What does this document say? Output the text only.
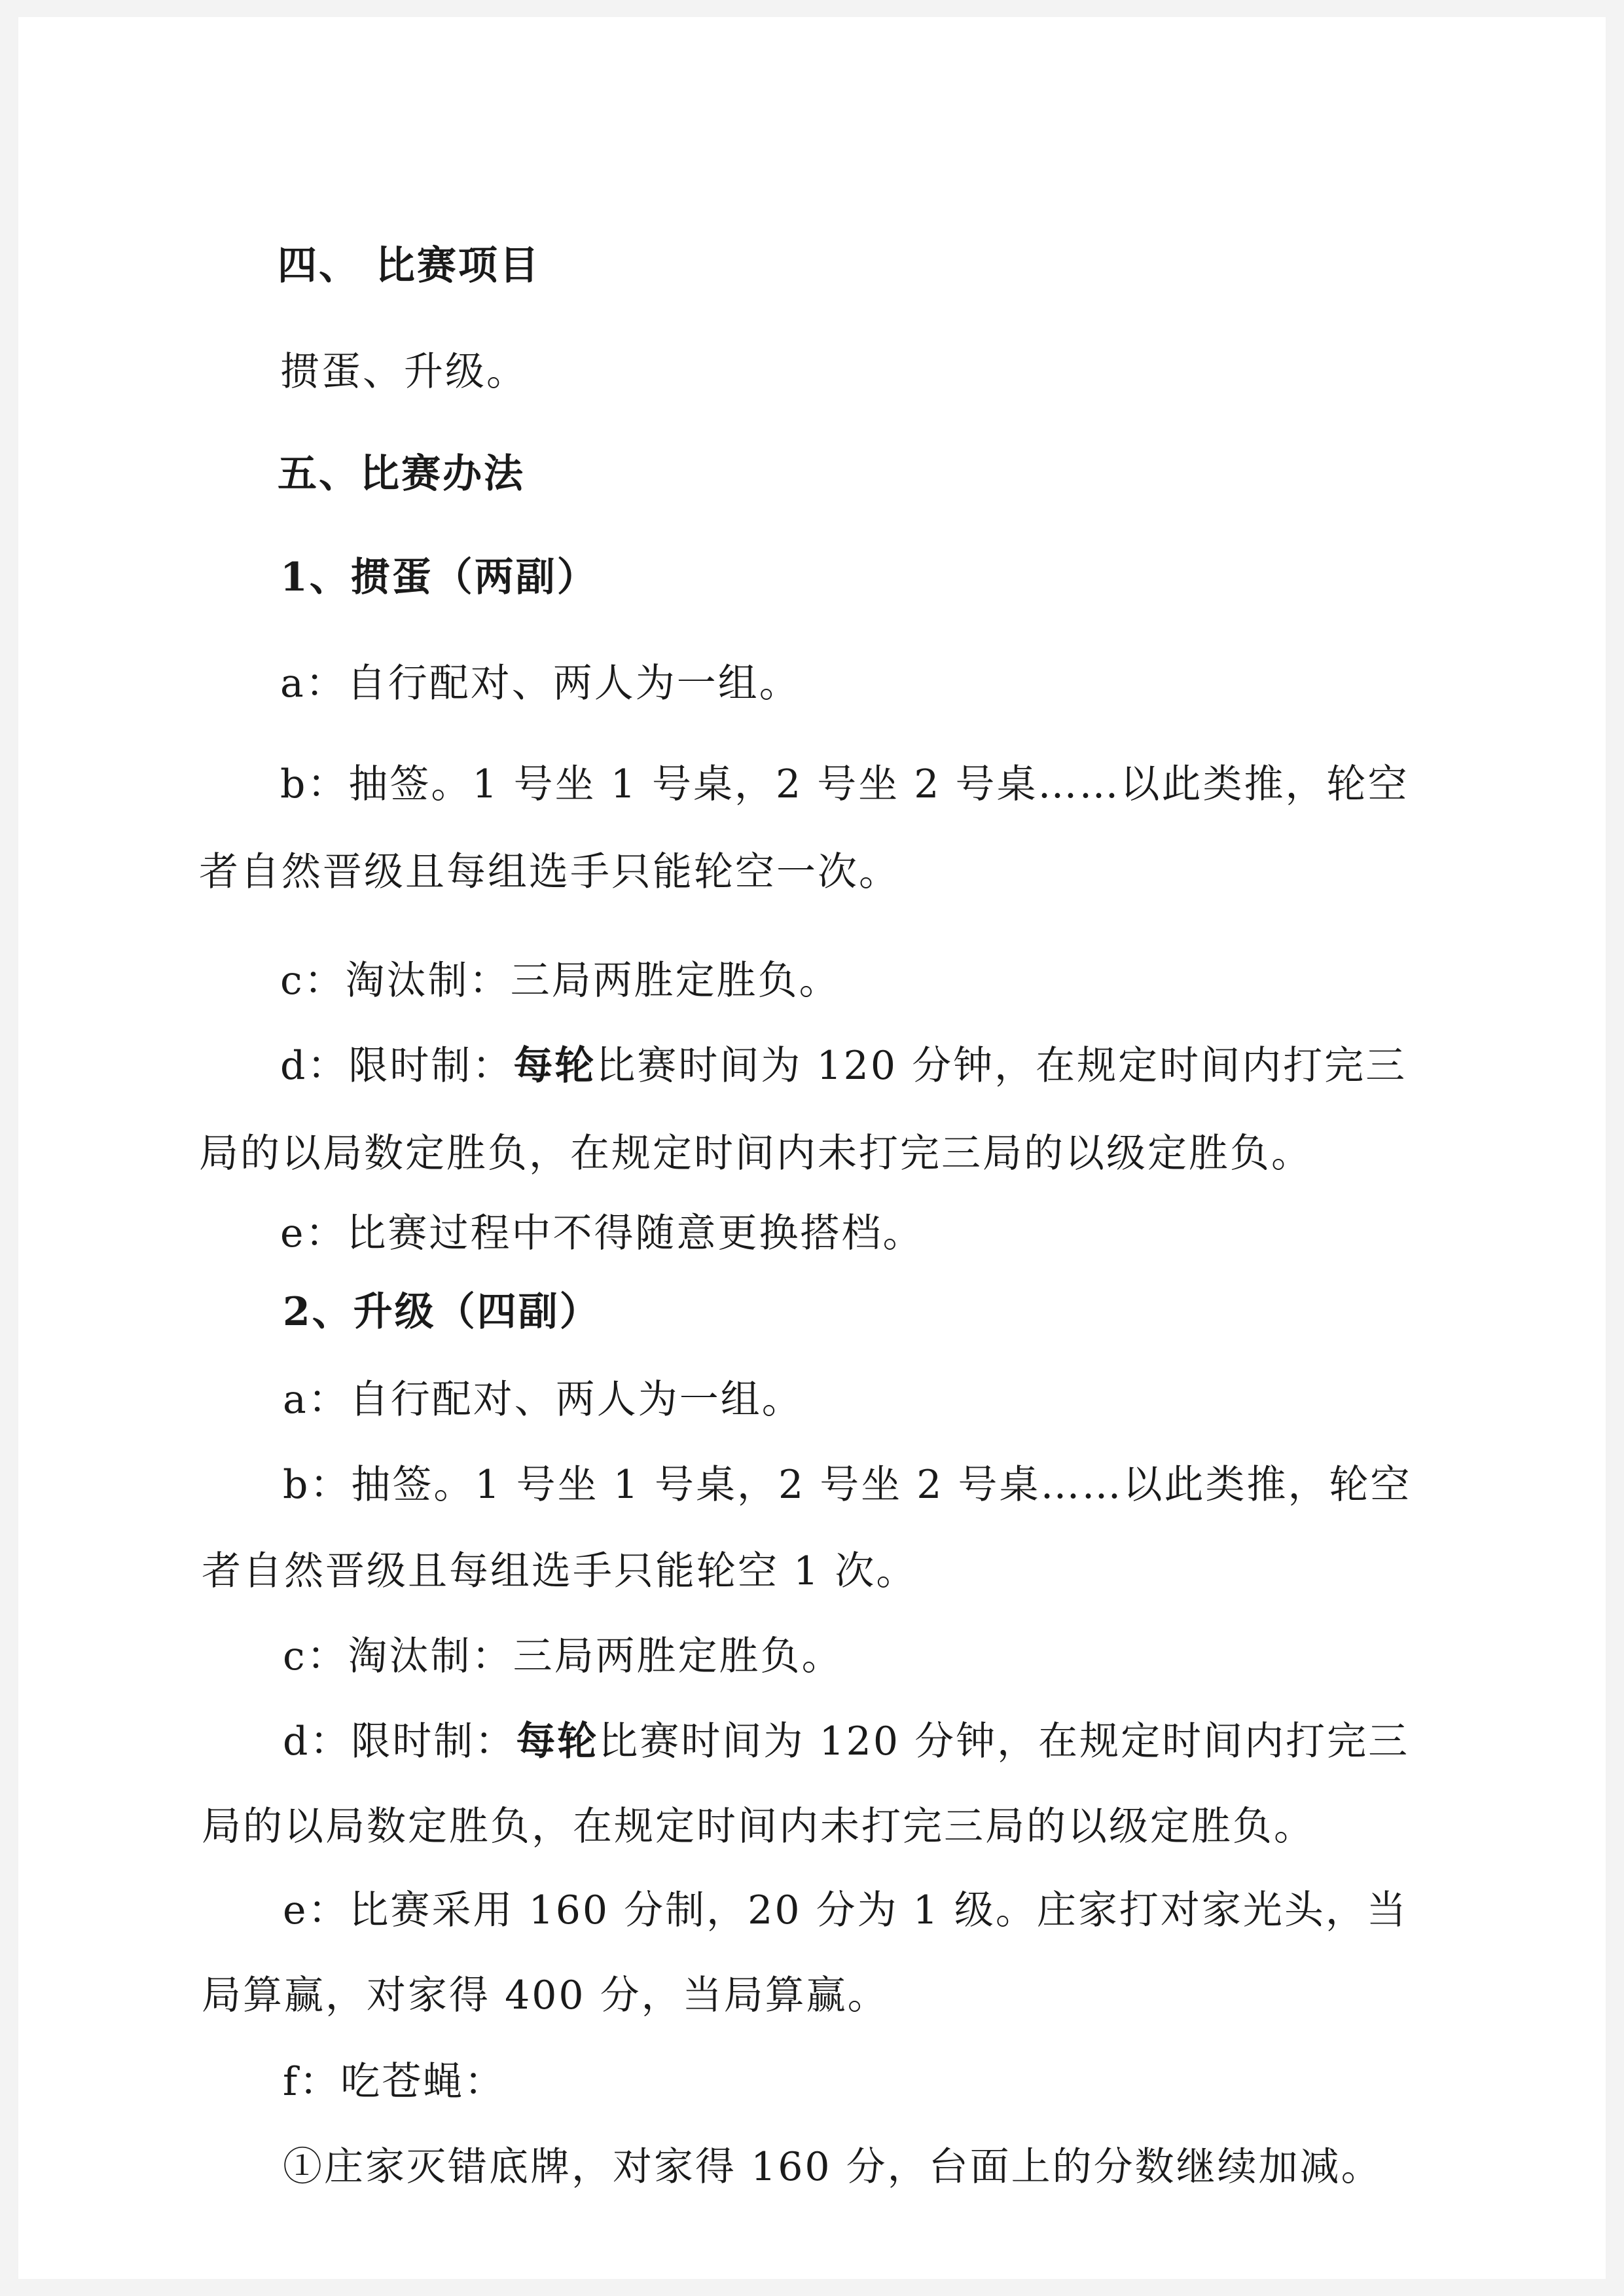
四、 比赛项目
掼蛋、升级。
五、比赛办法
1、掼蛋（两副）
a：自行配对、两人为一组。
b：抽签。1 号坐 1 号桌，2 号坐 2 号桌……以此类推，轮空
者自然晋级且每组选手只能轮空一次。
c：淘汰制：三局两胜定胜负。
d：限时制：每轮比赛时间为 120 分钟，在规定时间内打完三
局的以局数定胜负，在规定时间内未打完三局的以级定胜负。
e：比赛过程中不得随意更换搭档。
2、升级（四副）
a：自行配对、两人为一组。
b：抽签。1 号坐 1 号桌，2 号坐 2 号桌……以此类推，轮空
者自然晋级且每组选手只能轮空 1 次。
c：淘汰制：三局两胜定胜负。
d：限时制：每轮比赛时间为 120 分钟，在规定时间内打完三
局的以局数定胜负，在规定时间内未打完三局的以级定胜负。
e：比赛采用 160 分制，20 分为 1 级。庄家打对家光头，当
局算赢，对家得 400 分，当局算赢。
f：吃苍蝇：
①庄家灭错底牌，对家得 160 分，台面上的分数继续加减。
